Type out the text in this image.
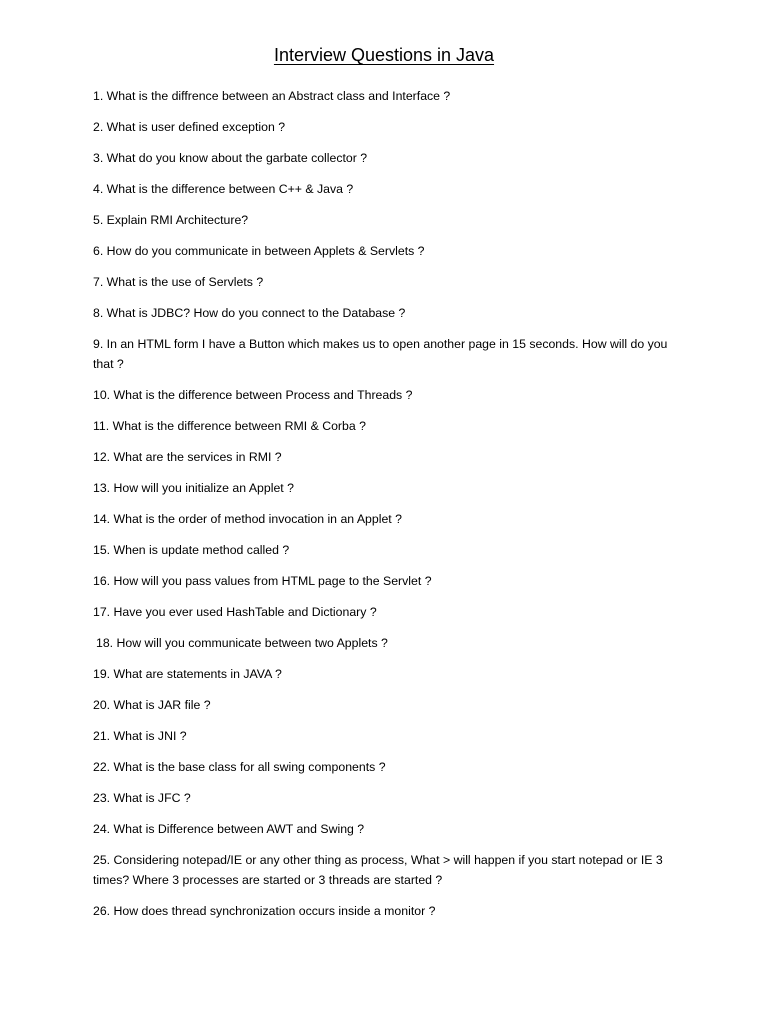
Interview Questions in Java
1. What is the diffrence between an Abstract class and Interface ?
2. What is user defined exception ?
3. What do you know about the garbate collector ?
4. What is the difference between C++ & Java ?
5. Explain RMI Architecture?
6. How do you communicate in between Applets & Servlets ?
7. What is the use of Servlets ?
8. What is JDBC? How do you connect to the Database ?
9. In an HTML form I have a Button which makes us to open another page in 15 seconds. How will do you that ?
10. What is the difference between Process and Threads ?
11. What is the difference between RMI & Corba ?
12. What are the services in RMI ?
13. How will you initialize an Applet ?
14. What is the order of method invocation in an Applet ?
15. When is update method called ?
16. How will you pass values from HTML page to the Servlet ?
17. Have you ever used HashTable and Dictionary ?
18. How will you communicate between two Applets ?
19. What are statements in JAVA ?
20. What is JAR file ?
21. What is JNI ?
22. What is the base class for all swing components ?
23. What is JFC ?
24. What is Difference between AWT and Swing ?
25. Considering notepad/IE or any other thing as process, What > will happen if you start notepad or IE 3 times? Where 3 processes are started or 3 threads are started ?
26. How does thread synchronization occurs inside a monitor ?
